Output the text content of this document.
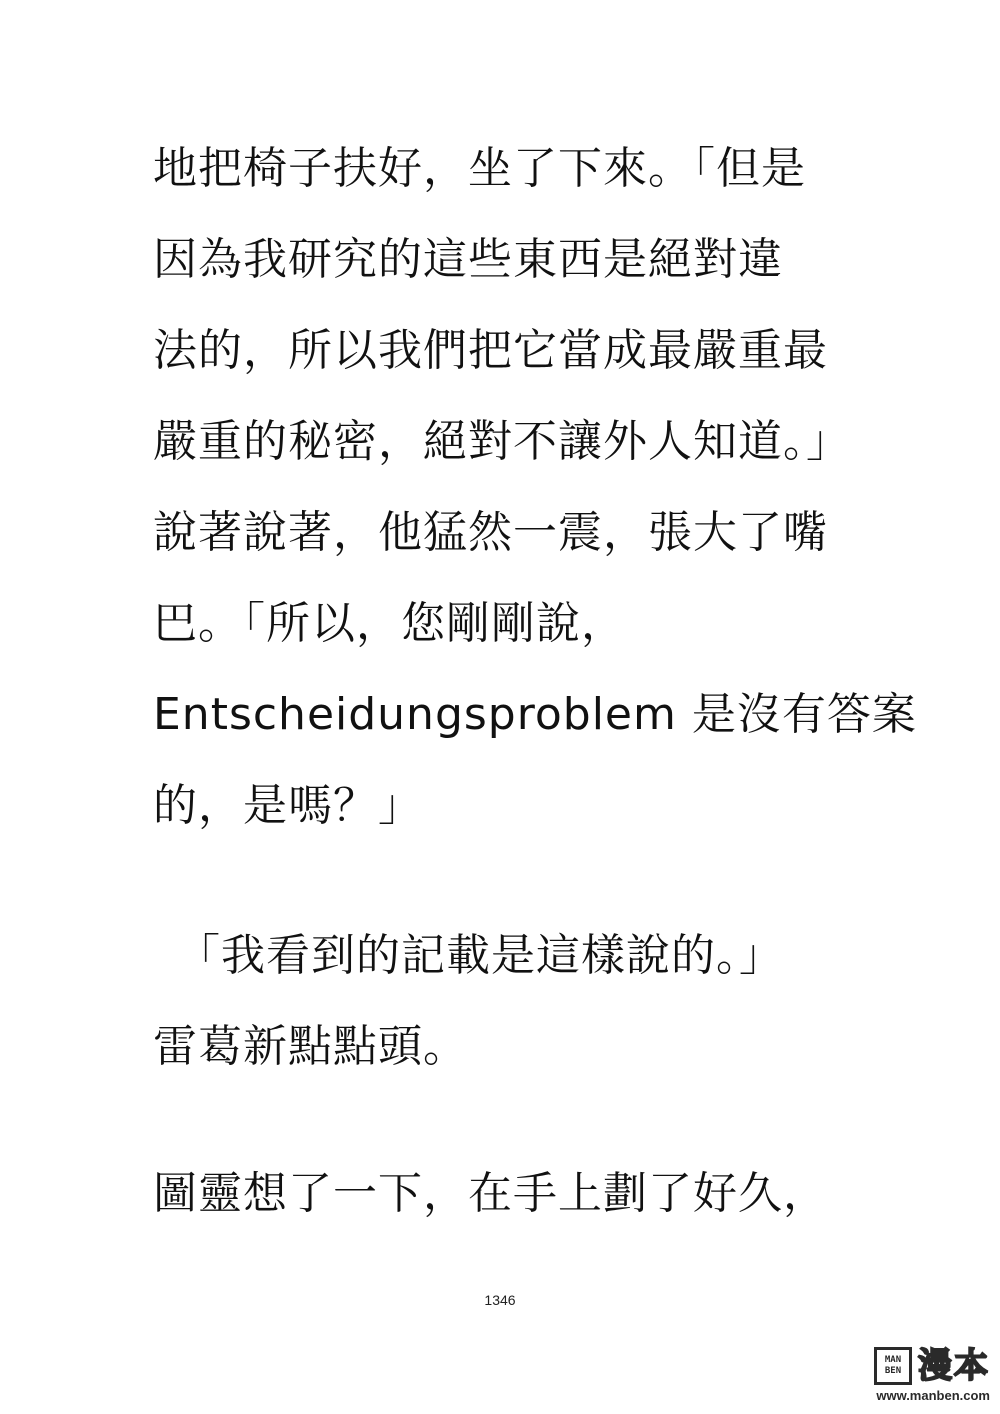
地把椅子扶好，坐了下來。「但是
因為我研究的這些東西是絕對違
法的，所以我們把它當成最嚴重最
嚴重的秘密，絕對不讓外人知道。」
說著說著，他猛然一震，張大了嘴
巴。「所以，您剛剛說，
Entscheidungsproblem 是沒有答案
的，是嗎？」
　「我看到的記載是這樣說的。」
雷葛新點點頭。
圖靈想了一下，在手上劃了好久，
1346
MAN
BEN 漫本
www.manben.com
